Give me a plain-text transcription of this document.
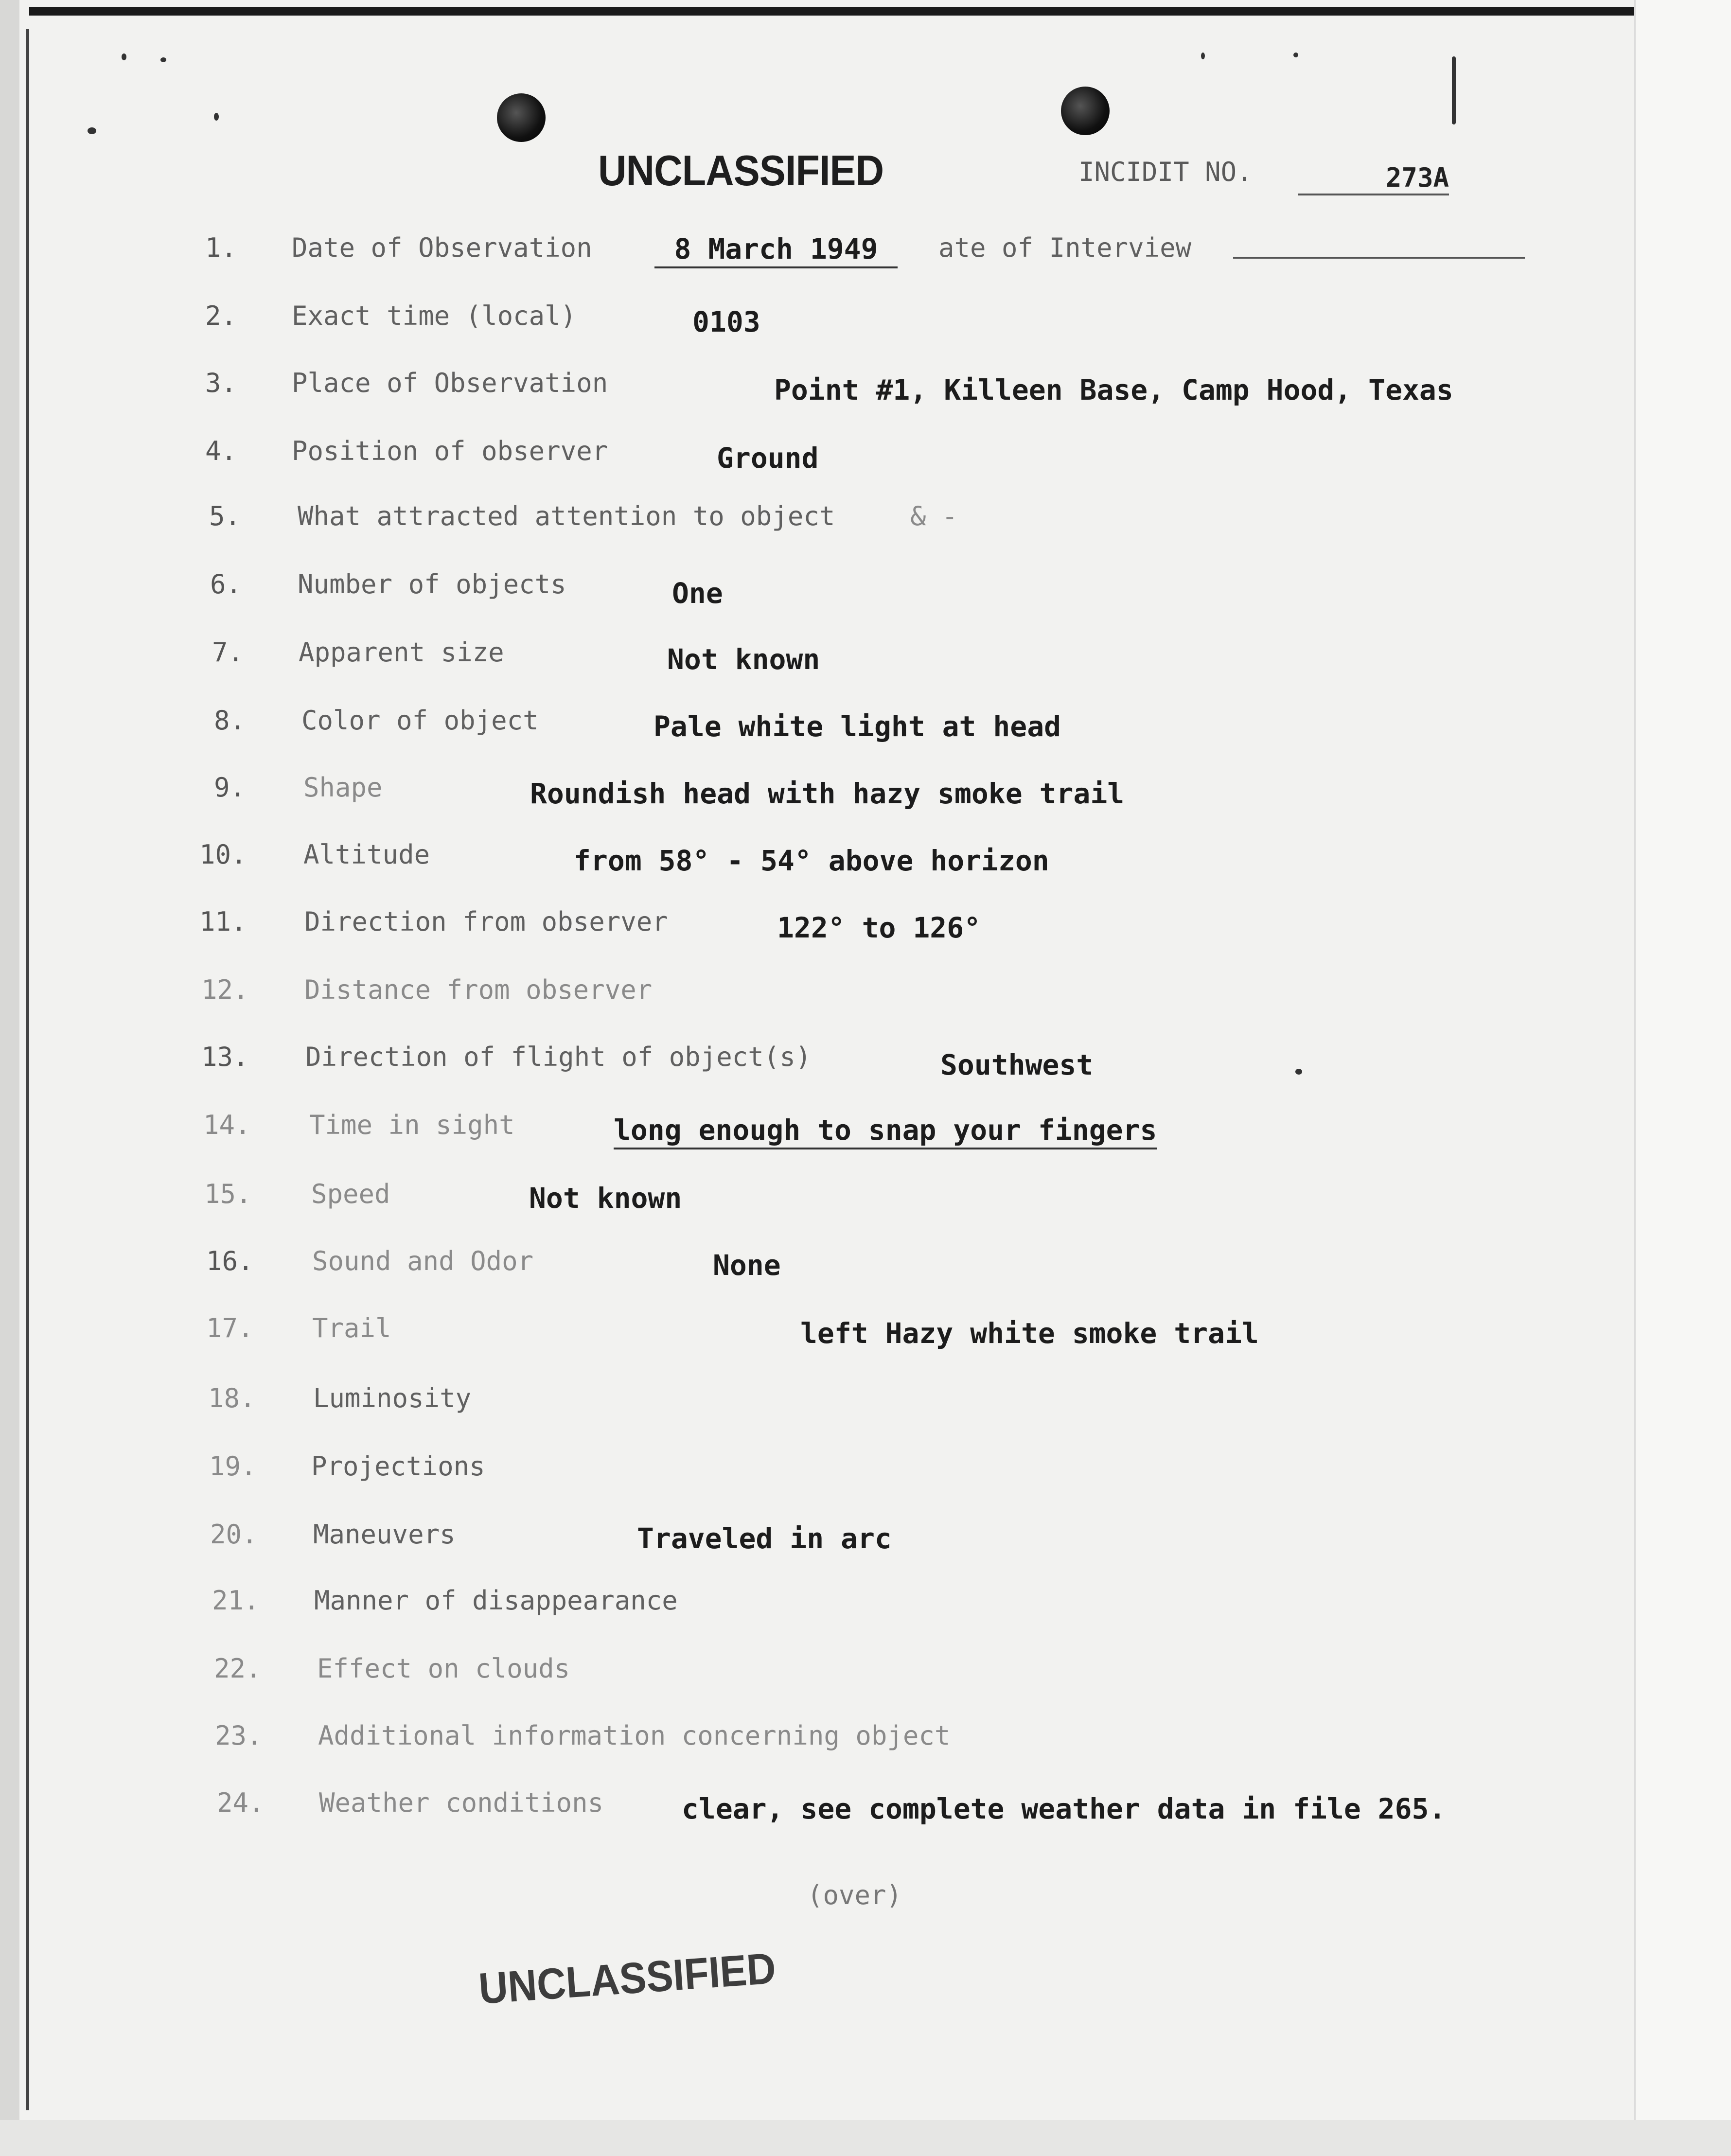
UNCLASSIFIED	INCIDIT NO.	273A
1.	Date of Observation	8 March 1949	ate of Interview
2.	Exact time (local)	0103
3.	Place of Observation	Point #1, Killeen Base, Camp Hood, Texas
4.	Position of observer	Ground
5.	What attracted attention to object	& -
6.	Number of objects	One
7.	Apparent size	Not known
8.	Color of object	Pale white light at head
9.	Shape	Roundish head with hazy smoke trail
10.	Altitude	from 58° - 54° above horizon
11.	Direction from observer	122° to 126°
12.	Distance from observer
13.	Direction of flight of object(s)	Southwest
14.	Time in sight	long enough to snap your fingers
15.	Speed	Not known
16.	Sound and Odor	None
17.	Trail	left Hazy white smoke trail
18.	Luminosity
19.	Projections
20.	Maneuvers	Traveled in arc
21.	Manner of disappearance
22.	Effect on clouds
23.	Additional information concerning object
24.	Weather conditions	clear, see complete weather data in file 265.
(over)
UNCLASSIFIED
